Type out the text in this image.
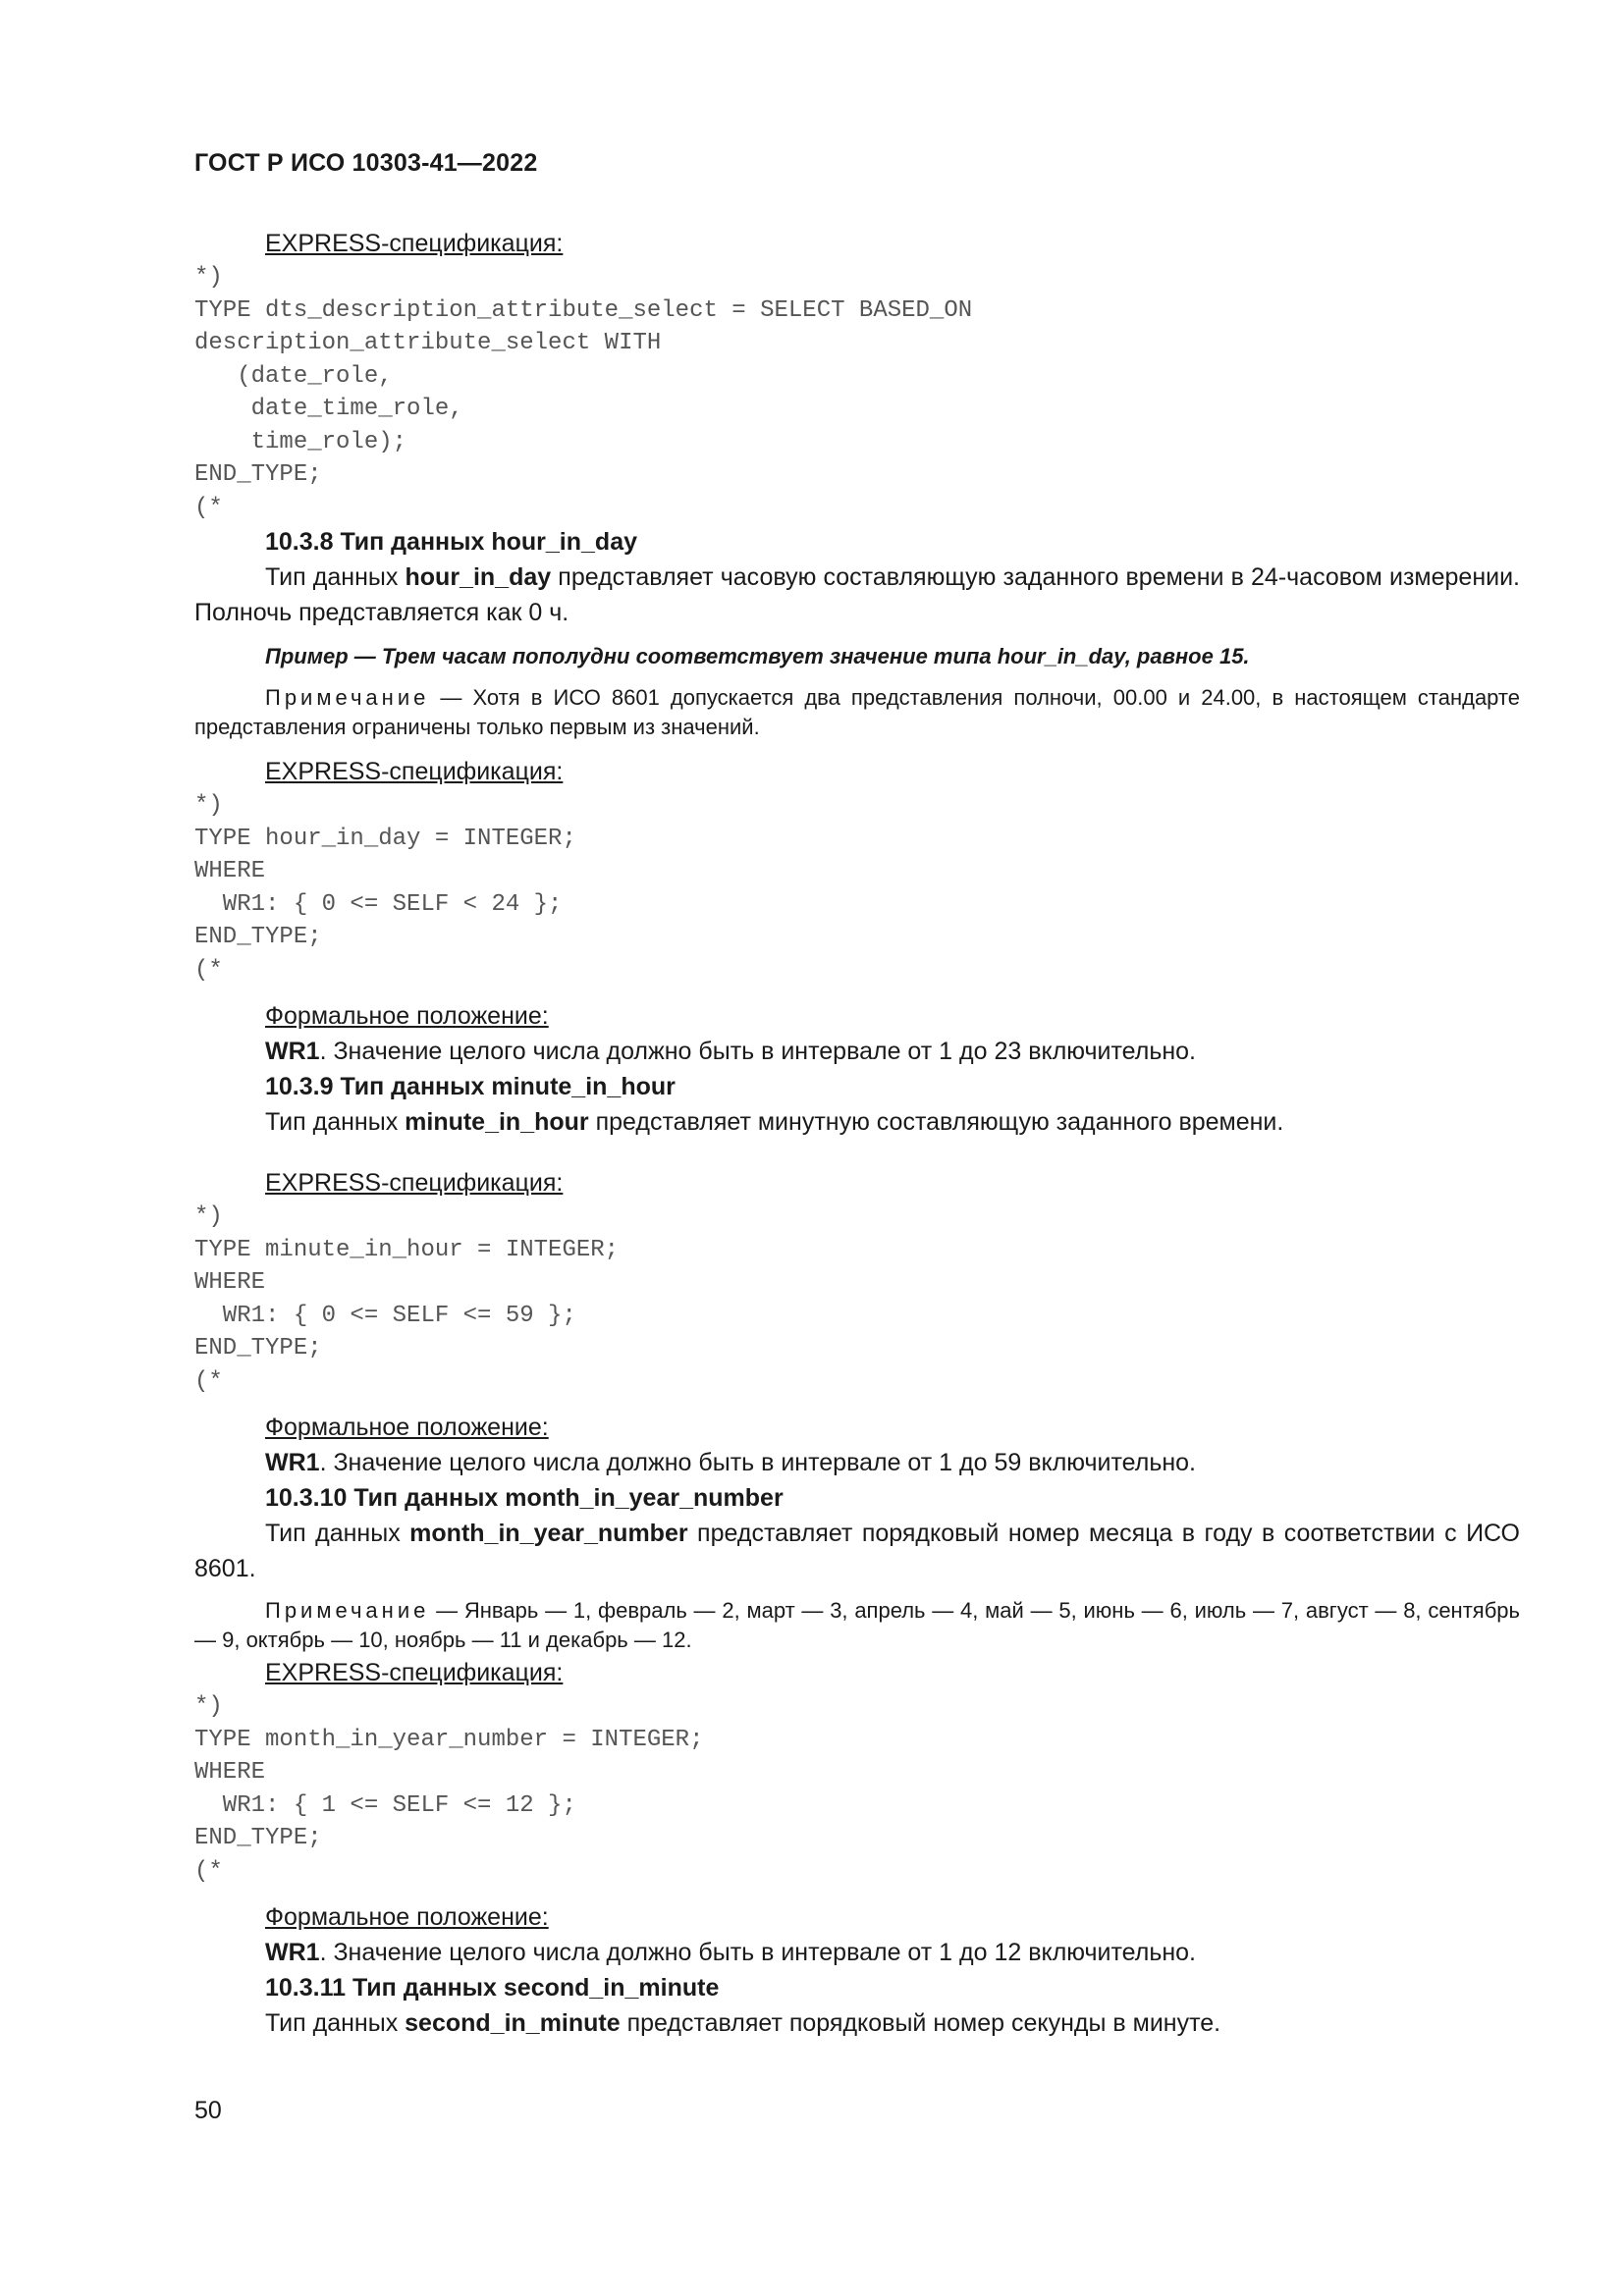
ГОСТ Р ИСО 10303-41—2022

EXPRESS-спецификация:

*)
TYPE dts_description_attribute_select = SELECT BASED_ON
description_attribute_select WITH
(date_role,
date_time_role,
time_role);
END_TYPE;
(*

10.3.8 Тип данных hour_in_day

Тип данных hour_in_day представляет часовую составляющую заданного времени в 24-часовом измерении. Полночь представляется как 0 ч.

Пример — Трем часам пополудни соответствует значение типа hour_in_day, равное 15.

Примечание — Хотя в ИСО 8601 допускается два представления полночи, 00.00 и 24.00, в настоящем стандарте представления ограничены только первым из значений.

EXPRESS-спецификация:

*)
TYPE hour_in_day = INTEGER;
WHERE
WR1: { 0 <= SELF < 24 };
END_TYPE;
(*

Формальное положение:

WR1. Значение целого числа должно быть в интервале от 1 до 23 включительно.

10.3.9 Тип данных minute_in_hour

Тип данных minute_in_hour представляет минутную составляющую заданного времени.

EXPRESS-спецификация:

*)
TYPE minute_in_hour = INTEGER;
WHERE
WR1: { 0 <= SELF <= 59 };
END_TYPE;
(*

Формальное положение:

WR1. Значение целого числа должно быть в интервале от 1 до 59 включительно.

10.3.10 Тип данных month_in_year_number

Тип данных month_in_year_number представляет порядковый номер месяца в году в соответствии с ИСО 8601.

Примечание — Январь — 1, февраль — 2, март — 3, апрель — 4, май — 5, июнь — 6, июль — 7, август — 8, сентябрь — 9, октябрь — 10, ноябрь — 11 и декабрь — 12.

EXPRESS-спецификация:

*)
TYPE month_in_year_number = INTEGER;
WHERE
WR1: { 1 <= SELF <= 12 };
END_TYPE;
(*

Формальное положение:

WR1. Значение целого числа должно быть в интервале от 1 до 12 включительно.

10.3.11 Тип данных second_in_minute

Тип данных second_in_minute представляет порядковый номер секунды в минуте.

50
